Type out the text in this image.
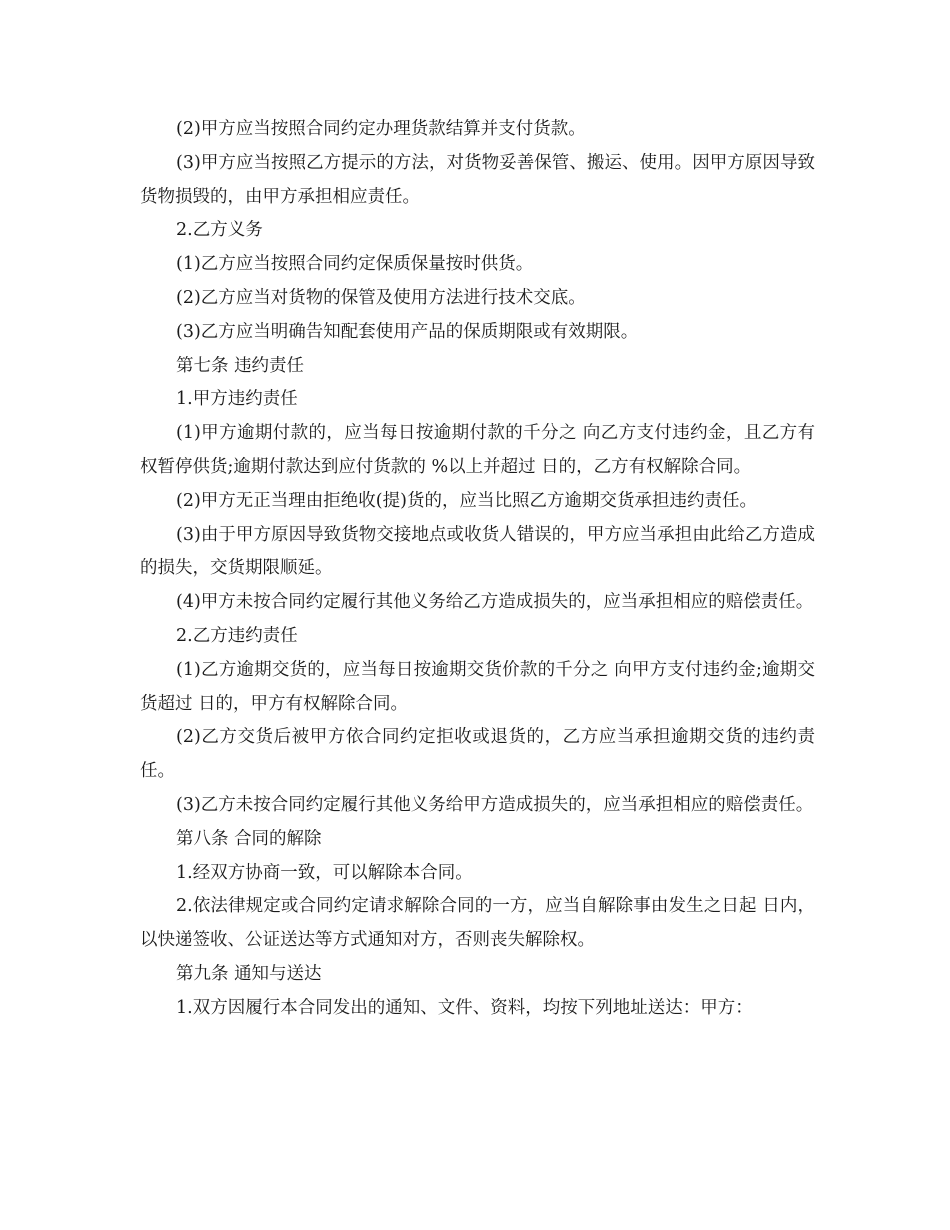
(2)甲方应当按照合同约定办理货款结算并支付货款。

(3)甲方应当按照乙方提示的方法，对货物妥善保管、搬运、使用。因甲方原因导致货物损毁的，由甲方承担相应责任。

2.乙方义务

(1)乙方应当按照合同约定保质保量按时供货。

(2)乙方应当对货物的保管及使用方法进行技术交底。

(3)乙方应当明确告知配套使用产品的保质期限或有效期限。

第七条 违约责任

1.甲方违约责任

(1)甲方逾期付款的，应当每日按逾期付款的千分之 向乙方支付违约金，且乙方有权暂停供货;逾期付款达到应付货款的 %以上并超过 日的，乙方有权解除合同。

(2)甲方无正当理由拒绝收(提)货的，应当比照乙方逾期交货承担违约责任。

(3)由于甲方原因导致货物交接地点或收货人错误的，甲方应当承担由此给乙方造成的损失，交货期限顺延。

(4)甲方未按合同约定履行其他义务给乙方造成损失的，应当承担相应的赔偿责任。

2.乙方违约责任

(1)乙方逾期交货的，应当每日按逾期交货价款的千分之 向甲方支付违约金;逾期交货超过 日的，甲方有权解除合同。

(2)乙方交货后被甲方依合同约定拒收或退货的，乙方应当承担逾期交货的违约责任。

(3)乙方未按合同约定履行其他义务给甲方造成损失的，应当承担相应的赔偿责任。

第八条 合同的解除

1.经双方协商一致，可以解除本合同。

2.依法律规定或合同约定请求解除合同的一方，应当自解除事由发生之日起 日内，以快递签收、公证送达等方式通知对方，否则丧失解除权。

第九条 通知与送达

1.双方因履行本合同发出的通知、文件、资料，均按下列地址送达：甲方：
